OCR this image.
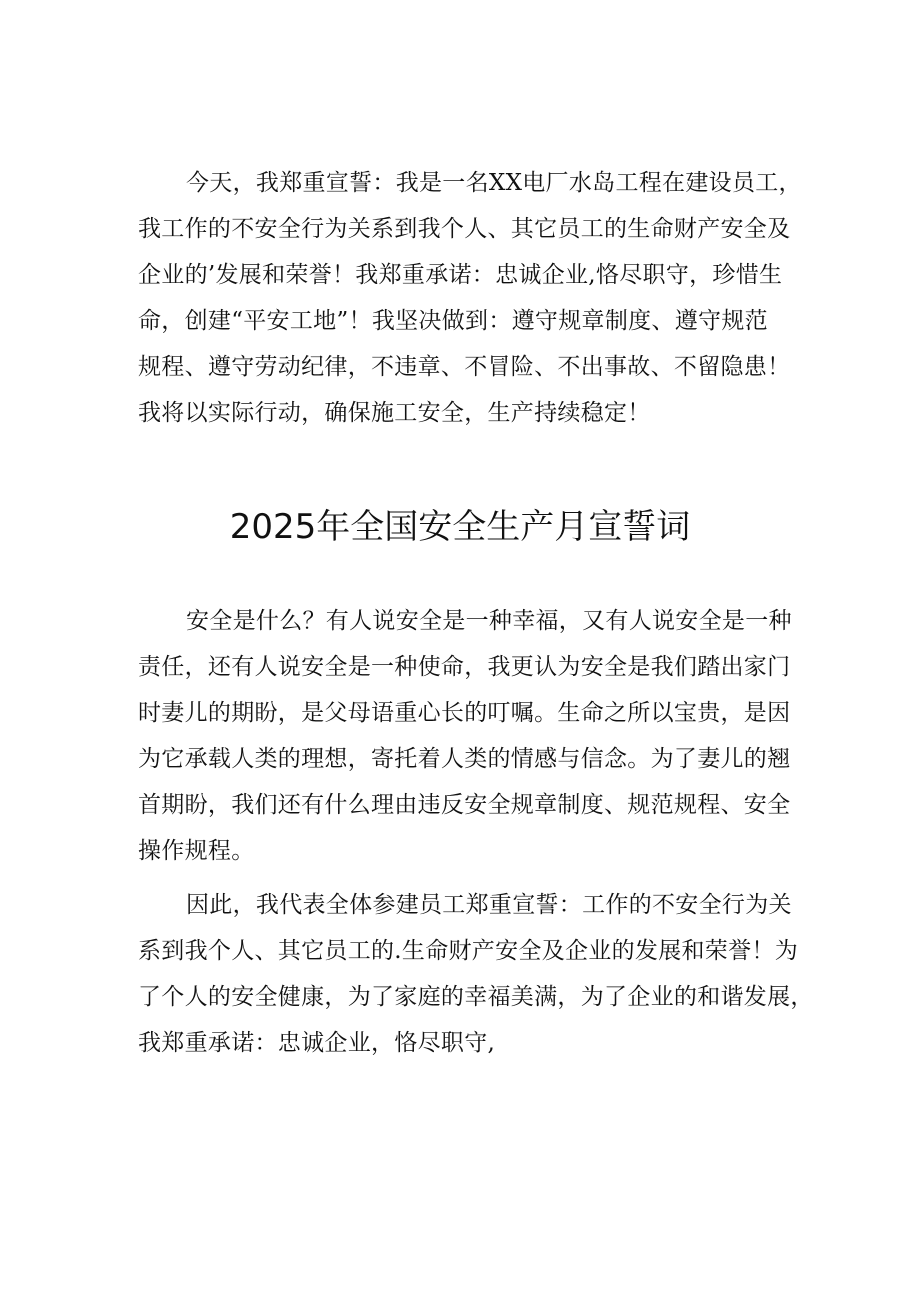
今天，我郑重宣誓：我是一名XX电厂水岛工程在建设员工，
我工作的不安全行为关系到我个人、其它员工的生命财产安全及
企业的’发展和荣誉！我郑重承诺：忠诚企业,恪尽职守，珍惜生
命，创建“平安工地”！我坚决做到：遵守规章制度、遵守规范
规程、遵守劳动纪律，不违章、不冒险、不出事故、不留隐患！
我将以实际行动，确保施工安全，生产持续稳定！
2025年全国安全生产月宣誓词
安全是什么？有人说安全是一种幸福，又有人说安全是一种
责任，还有人说安全是一种使命，我更认为安全是我们踏出家门
时妻儿的期盼，是父母语重心长的叮嘱。生命之所以宝贵，是因
为它承载人类的理想，寄托着人类的情感与信念。为了妻儿的翘
首期盼，我们还有什么理由违反安全规章制度、规范规程、安全
操作规程。
因此，我代表全体参建员工郑重宣誓：工作的不安全行为关
系到我个人、其它员工的.生命财产安全及企业的发展和荣誉！为
了个人的安全健康，为了家庭的幸福美满，为了企业的和谐发展，
我郑重承诺：忠诚企业，恪尽职守,
